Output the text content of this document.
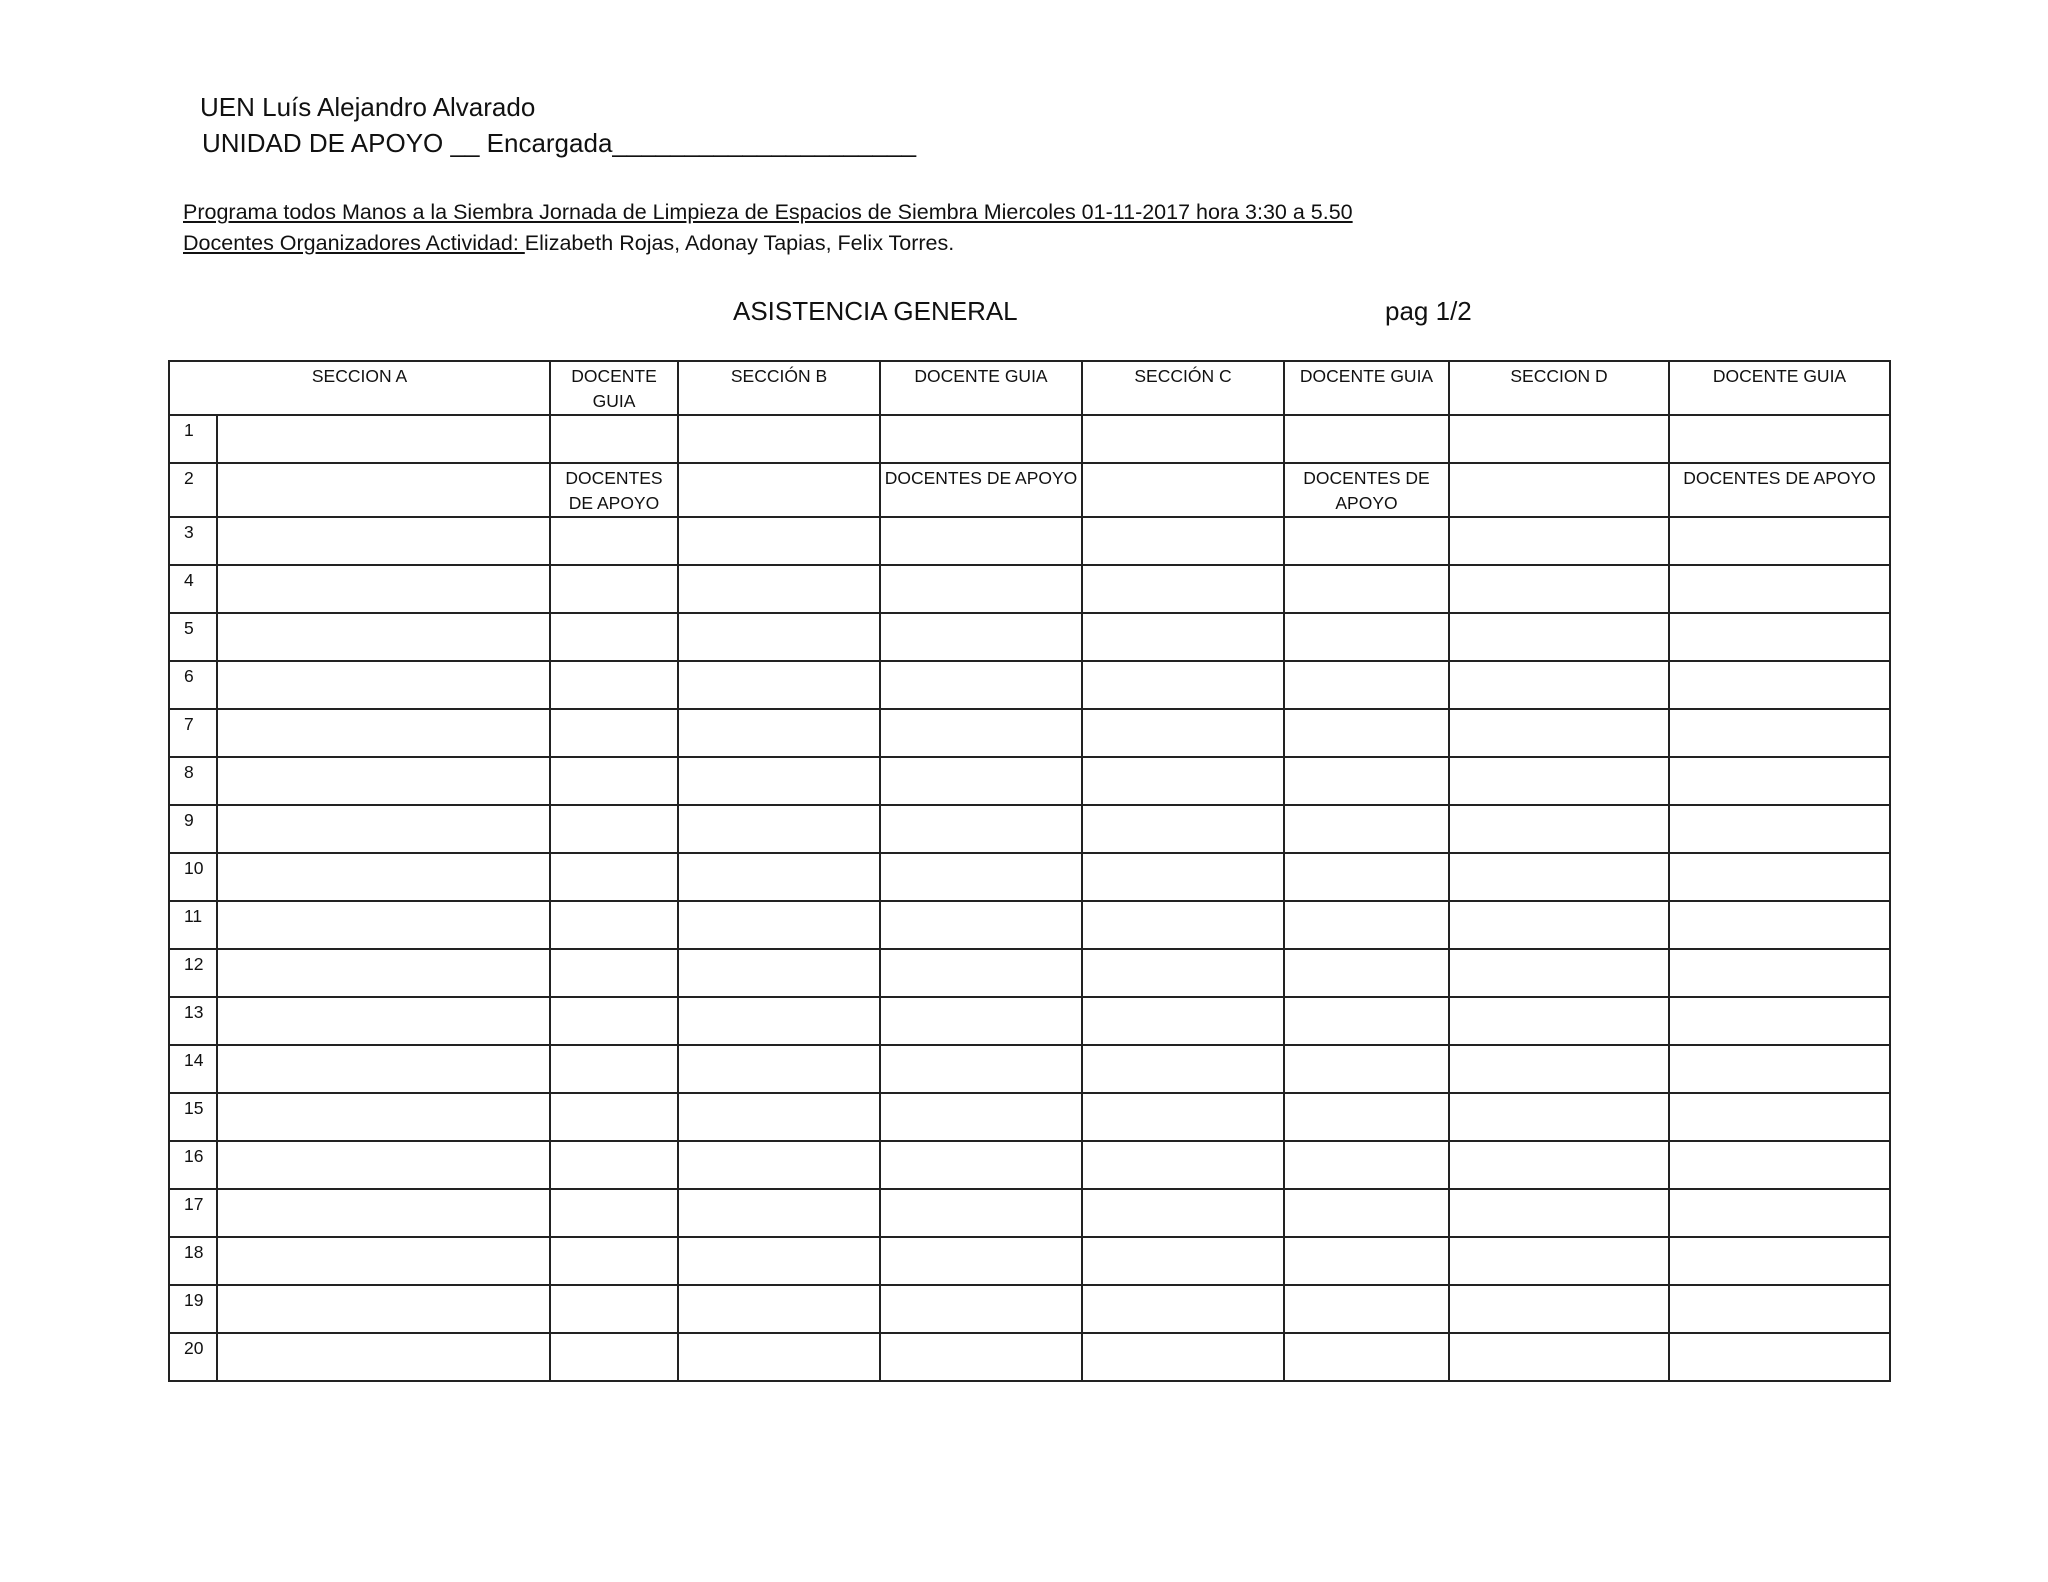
UEN Luís Alejandro Alvarado
UNIDAD DE APOYO __ Encargada_____________________
Programa todos Manos a la Siembra Jornada de Limpieza de Espacios de Siembra Miercoles 01-11-2017 hora 3:30 a 5.50
Docentes Organizadores Actividad: Elizabeth Rojas, Adonay Tapias, Felix Torres.
ASISTENCIA GENERAL	pag 1/2
SECCION A		DOCENTE GUIA	SECCIÓN B	DOCENTE GUIA	SECCIÓN C	DOCENTE GUIA	SECCION D	DOCENTE GUIA
1								
2		DOCENTES DE APOYO		DOCENTES DE APOYO		DOCENTES DE APOYO		DOCENTES DE APOYO
3								
4								
5								
6								
7								
8								
9								
10								
11								
12								
13								
14								
15								
16								
17								
18								
19								
20								
